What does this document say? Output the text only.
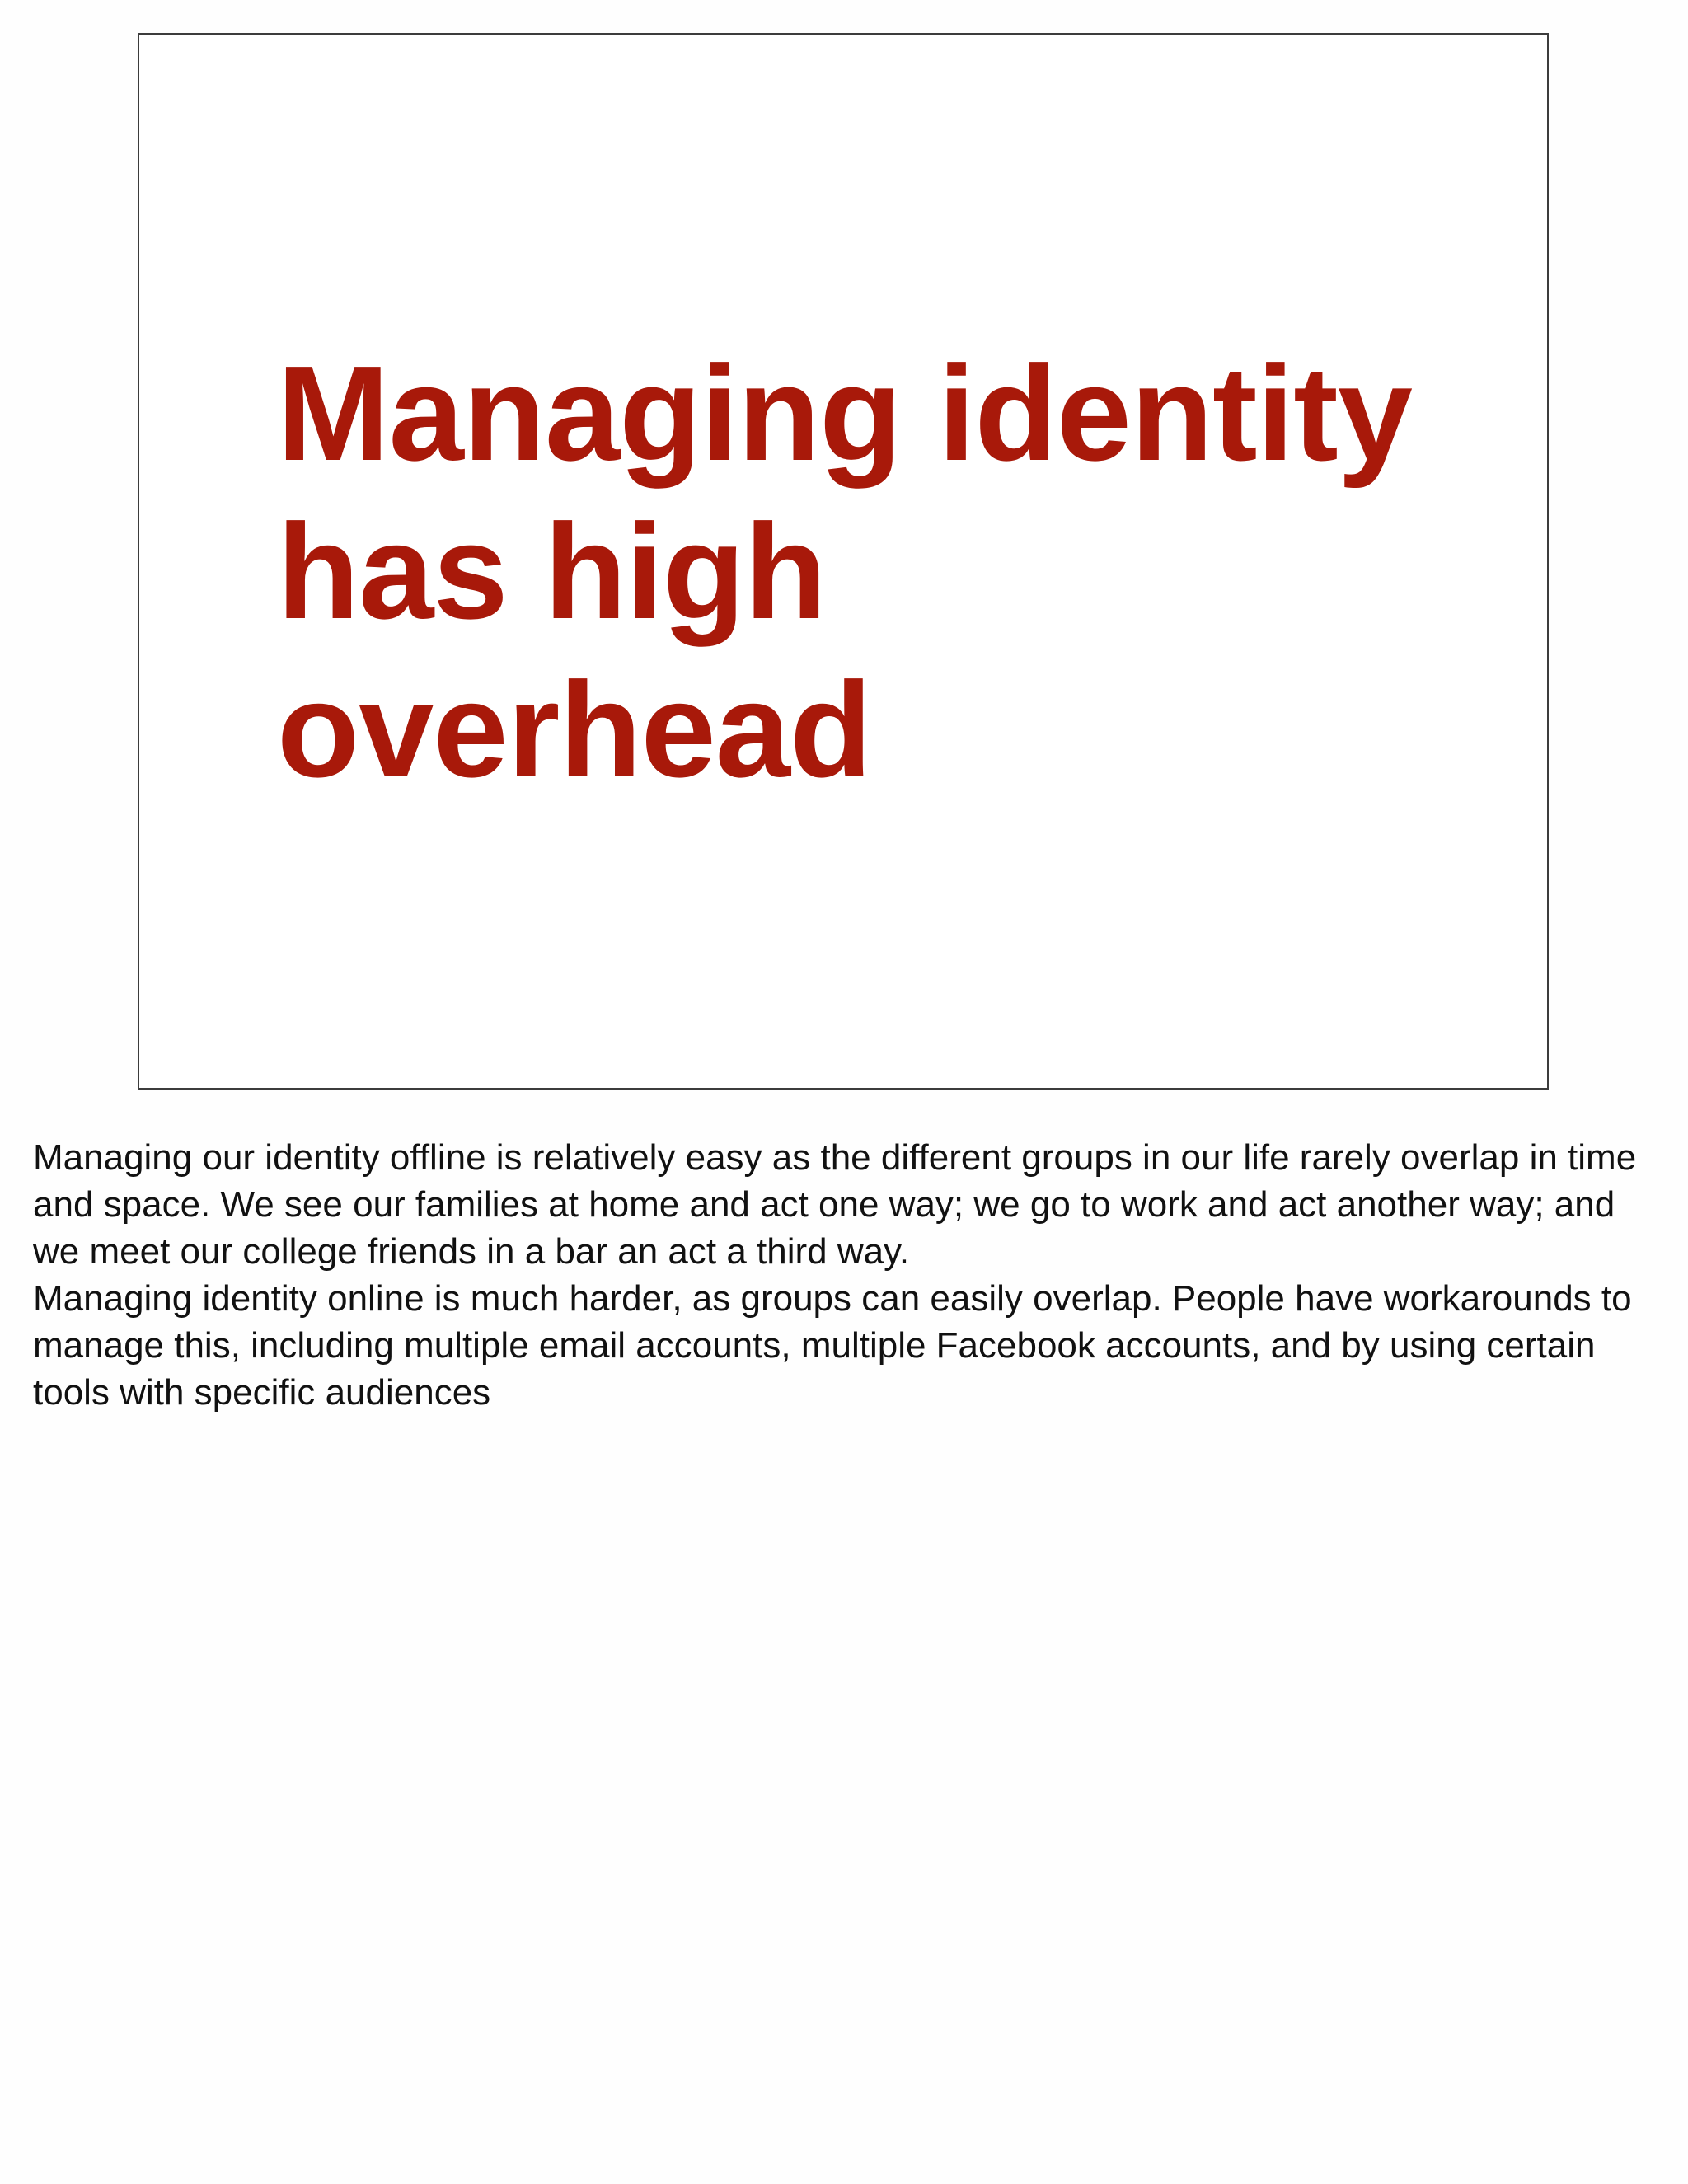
Managing identity
has high
overhead

Managing our identity offline is relatively easy as the different groups in our life rarely overlap in time and space. We see our families at home and act one way; we go to work and act another way; and we meet our college friends in a bar an act a third way.

Managing identity online is much harder, as groups can easily overlap. People have workarounds to manage this, including multiple email accounts, multiple Facebook accounts, and by using certain tools with specific audiences
